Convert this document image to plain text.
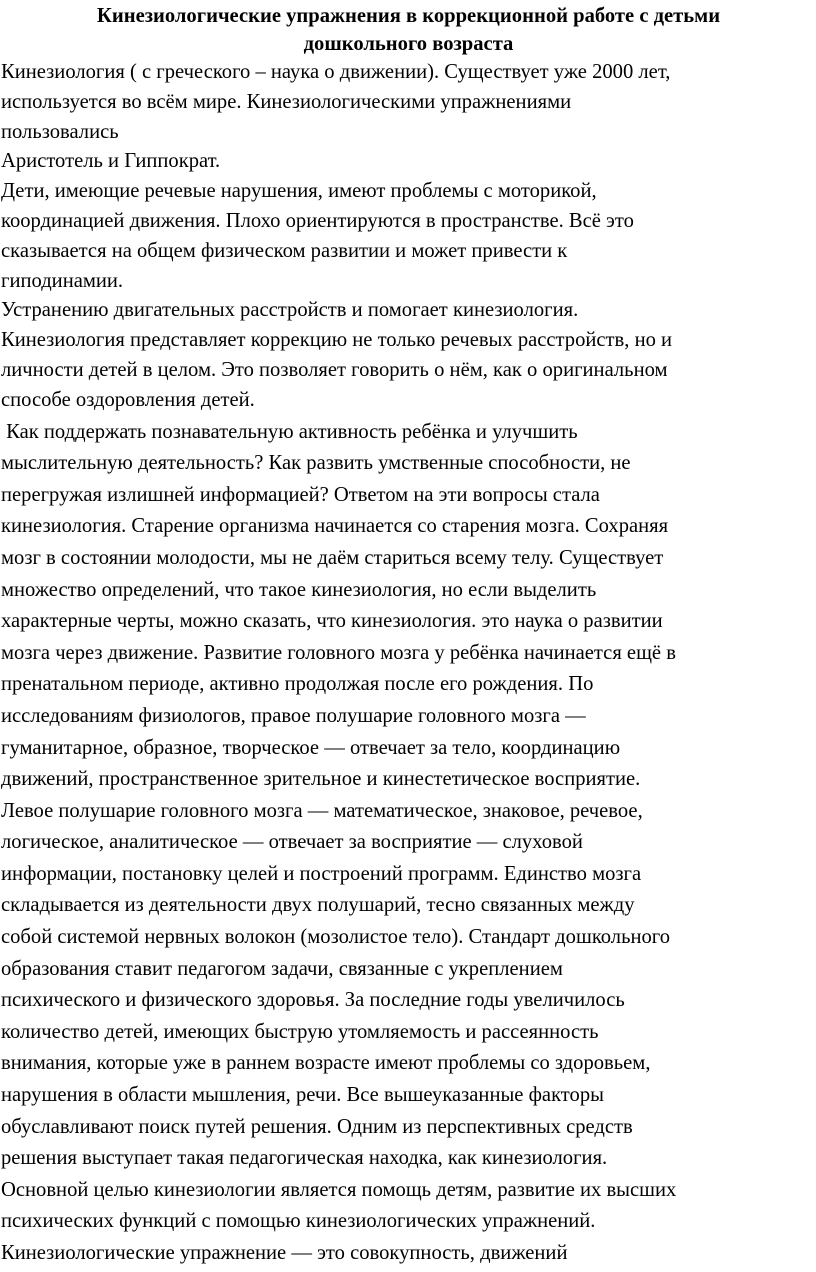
Кинезиологические упражнения в коррекционной работе с детьми
дошкольного возраста
Кинезиология ( с греческого – наука о движении). Существует уже 2000 лет,
используется во всём мире. Кинезиологическими упражнениями
пользовались
Аристотель и Гиппократ.
Дети, имеющие речевые нарушения, имеют проблемы с моторикой,
координацией движения. Плохо ориентируются в пространстве. Всё это
сказывается на общем физическом развитии и может привести к
гиподинамии.
Устранению двигательных расстройств и помогает кинезиология.
Кинезиология представляет коррекцию не только речевых расстройств, но и
личности детей в целом. Это позволяет говорить о нём, как о оригинальном
способе оздоровления детей.
Как поддержать познавательную активность ребёнка и улучшить
мыслительную деятельность? Как развить умственные способности, не
перегружая излишней информацией? Ответом на эти вопросы стала
кинезиология. Старение организма начинается со старения мозга. Сохраняя
мозг в состоянии молодости, мы не даём стариться всему телу. Существует
множество определений, что такое кинезиология, но если выделить
характерные черты, можно сказать, что кинезиология. это наука о развитии
мозга через движение. Развитие головного мозга у ребёнка начинается ещё в
пренатальном периоде, активно продолжая после его рождения. По
исследованиям физиологов, правое полушарие головного мозга —
гуманитарное, образное, творческое — отвечает за тело, координацию
движений, пространственное зрительное и кинестетическое восприятие.
Левое полушарие головного мозга — математическое, знаковое, речевое,
логическое, аналитическое — отвечает за восприятие — слуховой
информации, постановку целей и построений программ. Единство мозга
складывается из деятельности двух полушарий, тесно связанных между
собой системой нервных волокон (мозолистое тело). Стандарт дошкольного
образования ставит педагогом задачи, связанные с укреплением
психического и физического здоровья. За последние годы увеличилось
количество детей, имеющих быструю утомляемость и рассеянность
внимания, которые уже в раннем возрасте имеют проблемы со здоровьем,
нарушения в области мышления, речи. Все вышеуказанные факторы
обуславливают поиск путей решения. Одним из перспективных средств
решения выступает такая педагогическая находка, как кинезиология.
Основной целью кинезиологии является помощь детям, развитие их высших
психических функций с помощью кинезиологических упражнений.
Кинезиологические упражнение — это совокупность, движений
